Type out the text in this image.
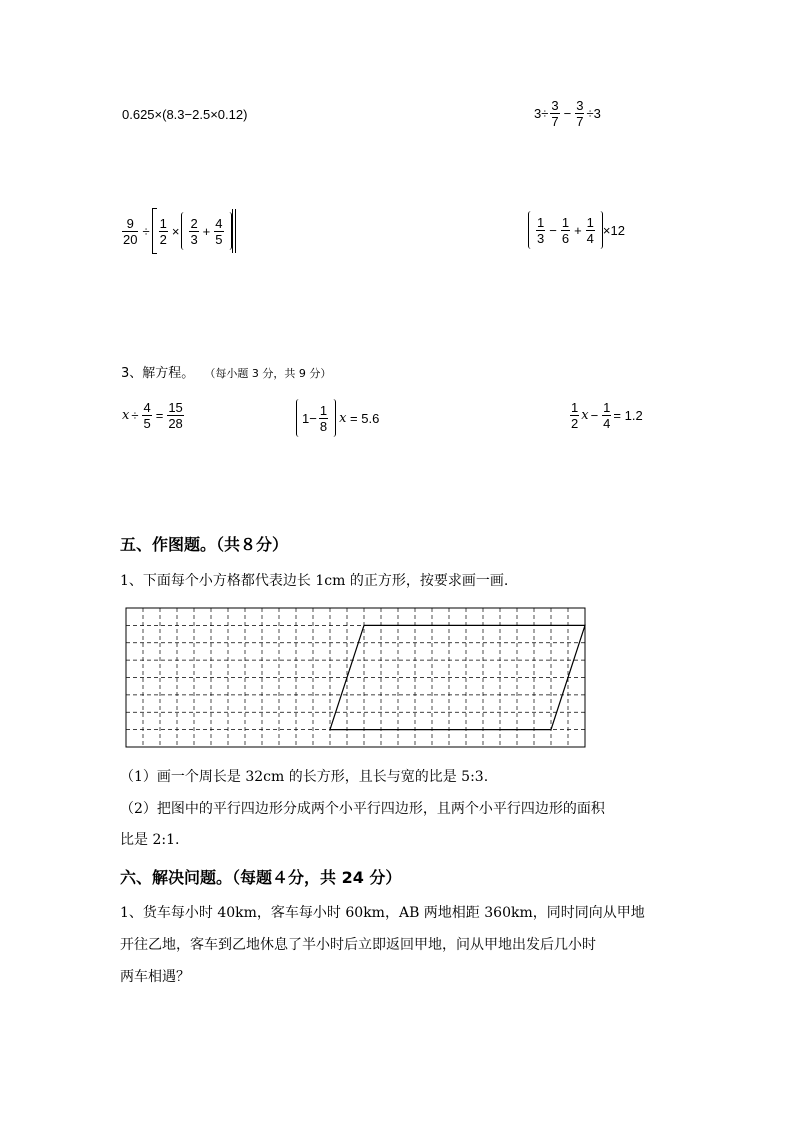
0.625×(8.3−2.5×0.12)	$3\div \frac{3}{7} - \frac{3}{7} \div 3$
$\frac{9}{20} \div \frac{1}{2} \times \frac{2}{3} + \frac{4}{5}$	$\frac{1}{3} - \frac{1}{6} + \frac{1}{4} \times 12$
3、解方程。 （每小题 3 分，共 9 分）
$x \div \frac{4}{5} = \frac{15}{28}$	$1- \frac{1}{8}$ x = 5.6	$\frac{1}{2}$ $x - \frac{1}{4} = 1.2$
五、作图题。（共８分）
1、下面每个小方格都代表边长 1cm 的正方形，按要求画一画.
（1）画一个周长是 32cm 的长方形，且长与宽的比是 5:3.
（2）把图中的平行四边形分成两个小平行四边形，且两个小平行四边形的面积
比是 2:1.
六、解决问题。（每题４分，共 24 分）
1、货车每小时 40km，客车每小时 60km，AB 两地相距 360km，同时同向从甲地
开往乙地，客车到乙地休息了半小时后立即返回甲地，问从甲地出发后几小时
两车相遇？
